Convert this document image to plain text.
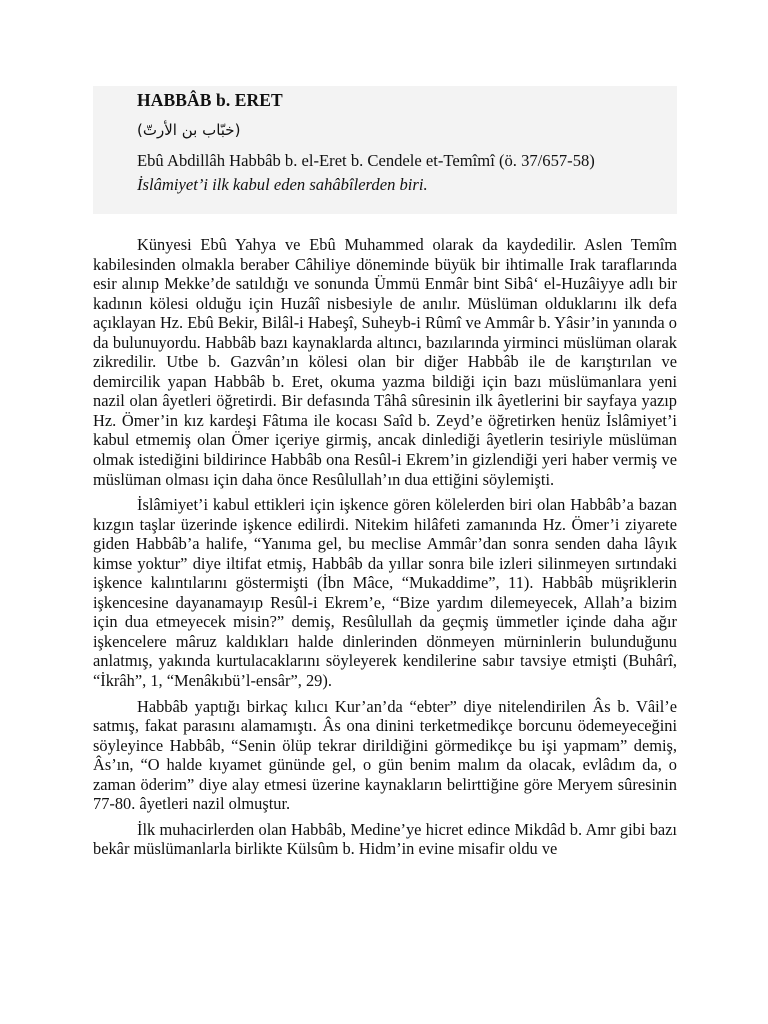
HABBÂB b. ERET
(خبّاب بن الأرتّ)
Ebû Abdillâh Habbâb b. el-Eret b. Cendele et-Temîmî (ö. 37/657-58)
İslâmiyet’i ilk kabul eden sahâbîlerden biri.

Künyesi Ebû Yahya ve Ebû Muhammed olarak da kaydedilir. Aslen Temîm kabilesinden olmakla beraber Câhiliye döneminde büyük bir ihtimalle Irak taraflarında esir alınıp Mekke’de satıldığı ve sonunda Ümmü Enmâr bint Sibâ‘ el-Huzâiyye adlı bir kadının kölesi olduğu için Huzâî nisbesiyle de anılır. Müslüman olduklarını ilk defa açıklayan Hz. Ebû Bekir, Bilâl-i Habeşî, Suheyb-i Rûmî ve Ammâr b. Yâsir’in yanında o da bulunuyordu. Habbâb bazı kaynaklarda altıncı, bazılarında yirminci müslüman olarak zikredilir. Utbe b. Gazvân’ın kölesi olan bir diğer Habbâb ile de karıştırılan ve demircilik yapan Habbâb b. Eret, okuma yazma bildiği için bazı müslümanlara yeni nazil olan âyetleri öğretirdi. Bir defasında Tâhâ sûresinin ilk âyetlerini bir sayfaya yazıp Hz. Ömer’in kız kardeşi Fâtıma ile kocası Saîd b. Zeyd’e öğretirken henüz İslâmiyet’i kabul etmemiş olan Ömer içeriye girmiş, ancak dinlediği âyetlerin tesiriyle müslüman olmak istediğini bildirince Habbâb ona Resûl-i Ekrem’in gizlendiği yeri haber vermiş ve müslüman olması için daha önce Resûlullah’ın dua ettiğini söylemişti.

İslâmiyet’i kabul ettikleri için işkence gören kölelerden biri olan Habbâb’a bazan kızgın taşlar üzerinde işkence edilirdi. Nitekim hilâfeti zamanında Hz. Ömer’i ziyarete giden Habbâb’a halife, “Yanıma gel, bu meclise Ammâr’dan sonra senden daha lâyık kimse yoktur” diye iltifat etmiş, Habbâb da yıllar sonra bile izleri silinmeyen sırtındaki işkence kalıntılarını göstermişti (İbn Mâce, “Mukaddime”, 11). Habbâb müşriklerin işkencesine dayanamayıp Resûl-i Ekrem’e, “Bize yardım dilemeyecek, Allah’a bizim için dua etmeyecek misin?” demiş, Resûlullah da geçmiş ümmetler içinde daha ağır işkencelere mâruz kaldıkları halde dinlerinden dönmeyen mürninlerin bulunduğunu anlatmış, yakında kurtulacaklarını söyleyerek kendilerine sabır tavsiye etmişti (Buhârî, “İkrâh”, 1, “Menâkıbü’l-ensâr”, 29).

Habbâb yaptığı birkaç kılıcı Kur’an’da “ebter” diye nitelendirilen Âs b. Vâil’e satmış, fakat parasını alamamıştı. Âs ona dinini terketmedikçe borcunu ödemeyeceğini söyleyince Habbâb, “Senin ölüp tekrar dirildiğini görmedikçe bu işi yapmam” demiş, Âs’ın, “O halde kıyamet gününde gel, o gün benim malım da olacak, evlâdım da, o zaman öderim” diye alay etmesi üzerine kaynakların belirttiğine göre Meryem sûresinin 77-80. âyetleri nazil olmuştur.

İlk muhacirlerden olan Habbâb, Medine’ye hicret edince Mikdâd b. Amr gibi bazı bekâr müslümanlarla birlikte Külsûm b. Hidm’in evine misafir oldu ve
